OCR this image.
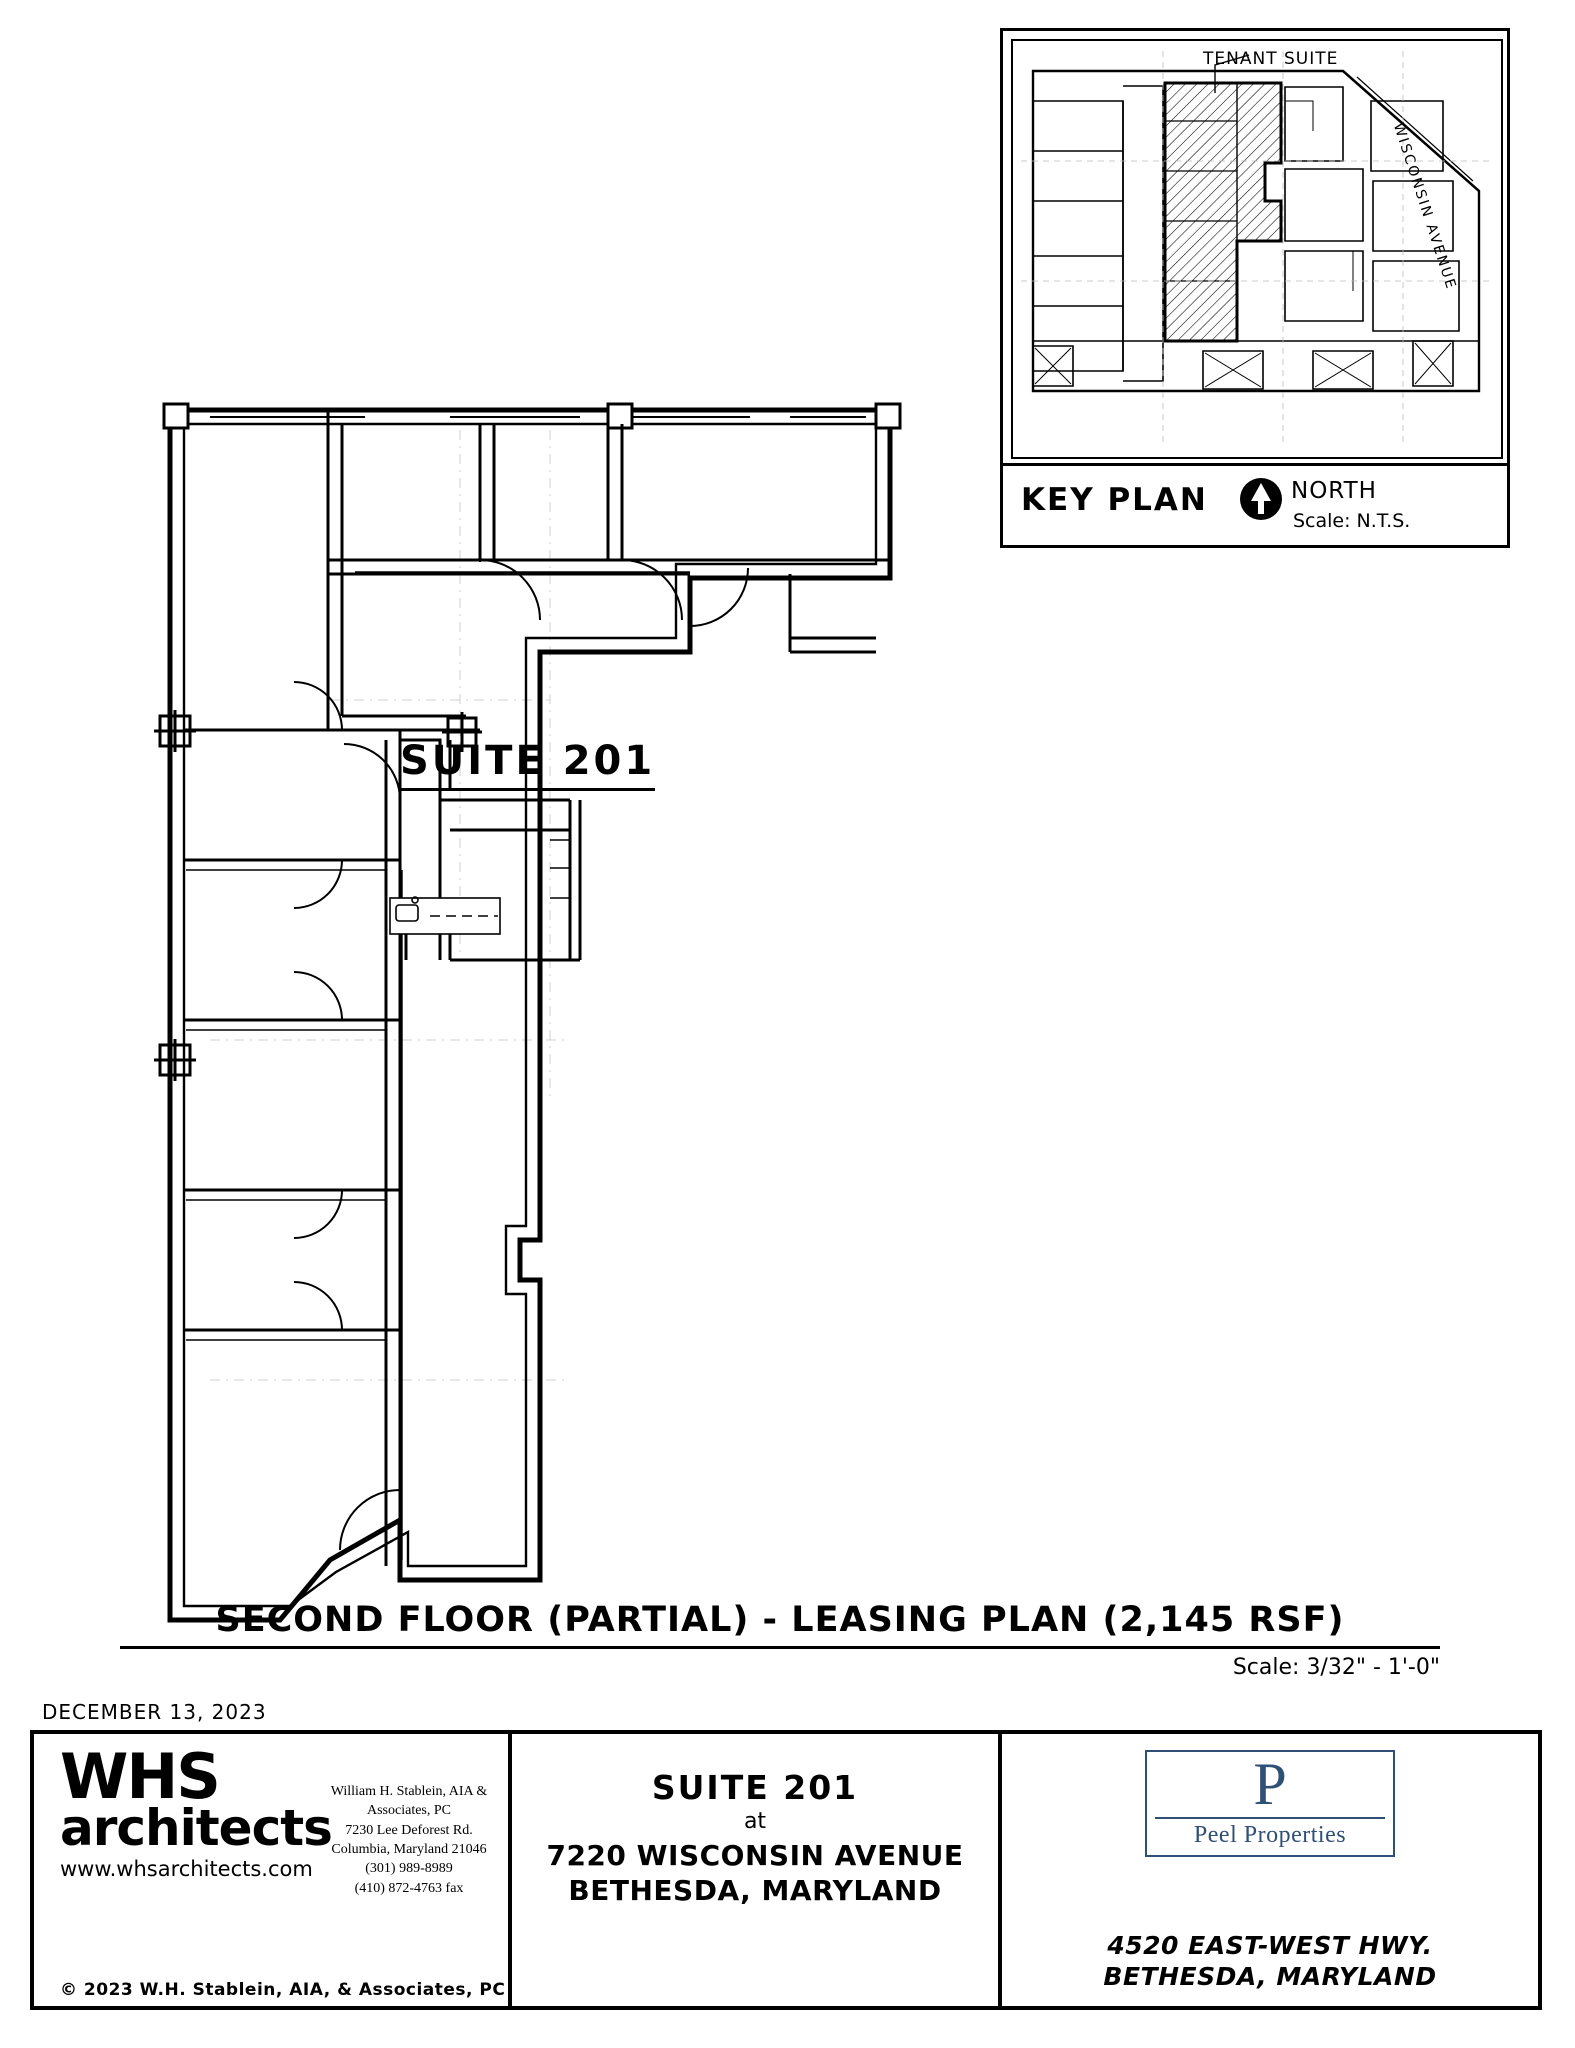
TENANT SUITE
WISCONSIN AVENUE
KEY PLAN	NORTH
Scale: N.T.S.
SUITE 201
SECOND FLOOR (PARTIAL) - LEASING PLAN (2,145 RSF)
Scale: 3/32" - 1'-0"
DECEMBER 13, 2023
WHS
architects
www.whsarchitects.com
William H. Stablein, AIA &
Associates, PC
7230 Lee Deforest Rd.
Columbia, Maryland 21046
(301) 989-8989
(410) 872-4763 fax
© 2023 W.H. Stablein, AIA, & Associates, PC
SUITE 201
at
7220 WISCONSIN AVENUE
BETHESDA, MARYLAND
P
Peel Properties
4520 EAST-WEST HWY.
BETHESDA, MARYLAND
